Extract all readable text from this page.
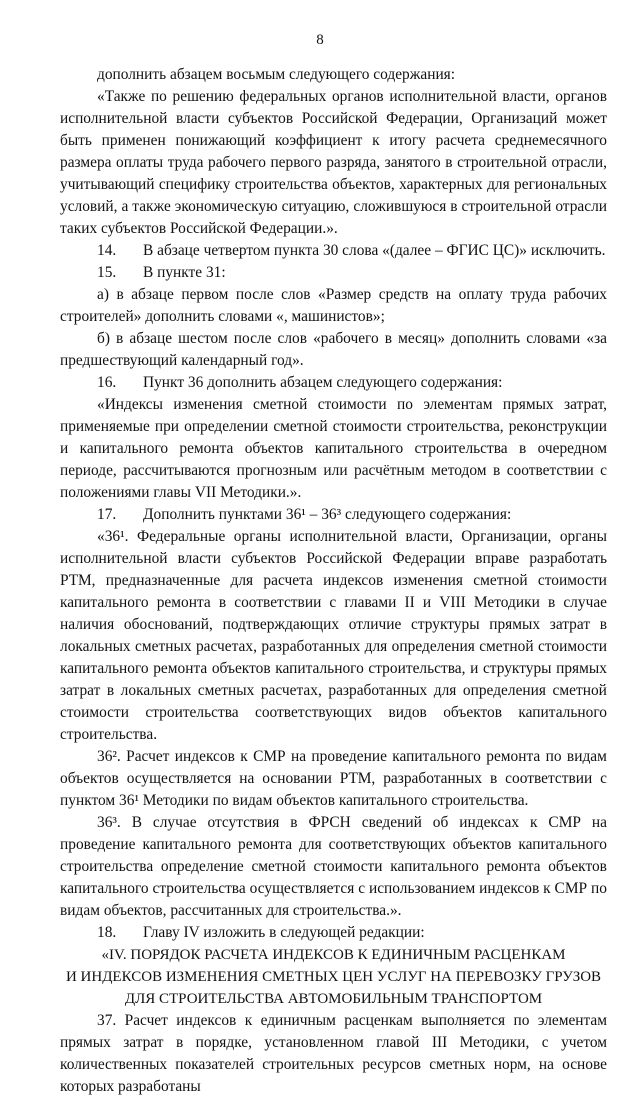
8

дополнить абзацем восьмым следующего содержания:

«Также по решению федеральных органов исполнительной власти, органов исполнительной власти субъектов Российской Федерации, Организаций может быть применен понижающий коэффициент к итогу расчета среднемесячного размера оплаты труда рабочего первого разряда, занятого в строительной отрасли, учитывающий специфику строительства объектов, характерных для региональных условий, а также экономическую ситуацию, сложившуюся в строительной отрасли таких субъектов Российской Федерации.».

14. В абзаце четвертом пункта 30 слова «(далее – ФГИС ЦС)» исключить.

15. В пункте 31:

а) в абзаце первом после слов «Размер средств на оплату труда рабочих строителей» дополнить словами «, машинистов»;

б) в абзаце шестом после слов «рабочего в месяц» дополнить словами «за предшествующий календарный год».

16. Пункт 36 дополнить абзацем следующего содержания:

«Индексы изменения сметной стоимости по элементам прямых затрат, применяемые при определении сметной стоимости строительства, реконструкции и капитального ремонта объектов капитального строительства в очередном периоде, рассчитываются прогнозным или расчётным методом в соответствии с положениями главы VII Методики.».

17. Дополнить пунктами 36¹ – 36³ следующего содержания:

«36¹. Федеральные органы исполнительной власти, Организации, органы исполнительной власти субъектов Российской Федерации вправе разработать РТМ, предназначенные для расчета индексов изменения сметной стоимости капитального ремонта в соответствии с главами II и VIII Методики в случае наличия обоснований, подтверждающих отличие структуры прямых затрат в локальных сметных расчетах, разработанных для определения сметной стоимости капитального ремонта объектов капитального строительства, и структуры прямых затрат в локальных сметных расчетах, разработанных для определения сметной стоимости строительства соответствующих видов объектов капитального строительства.

36². Расчет индексов к СМР на проведение капитального ремонта по видам объектов осуществляется на основании РТМ, разработанных в соответствии с пунктом 36¹ Методики по видам объектов капитального строительства.

36³. В случае отсутствия в ФРСН сведений об индексах к СМР на проведение капитального ремонта для соответствующих объектов капитального строительства определение сметной стоимости капитального ремонта объектов капитального строительства осуществляется с использованием индексов к СМР по видам объектов, рассчитанных для строительства.».

18. Главу IV изложить в следующей редакции:

«IV. ПОРЯДОК РАСЧЕТА ИНДЕКСОВ К ЕДИНИЧНЫМ РАСЦЕНКАМ

И ИНДЕКСОВ ИЗМЕНЕНИЯ СМЕТНЫХ ЦЕН УСЛУГ НА ПЕРЕВОЗКУ ГРУЗОВ

ДЛЯ СТРОИТЕЛЬСТВА АВТОМОБИЛЬНЫМ ТРАНСПОРТОМ

37. Расчет индексов к единичным расценкам выполняется по элементам прямых затрат в порядке, установленном главой III Методики, с учетом количественных показателей строительных ресурсов сметных норм, на основе которых разработаны
